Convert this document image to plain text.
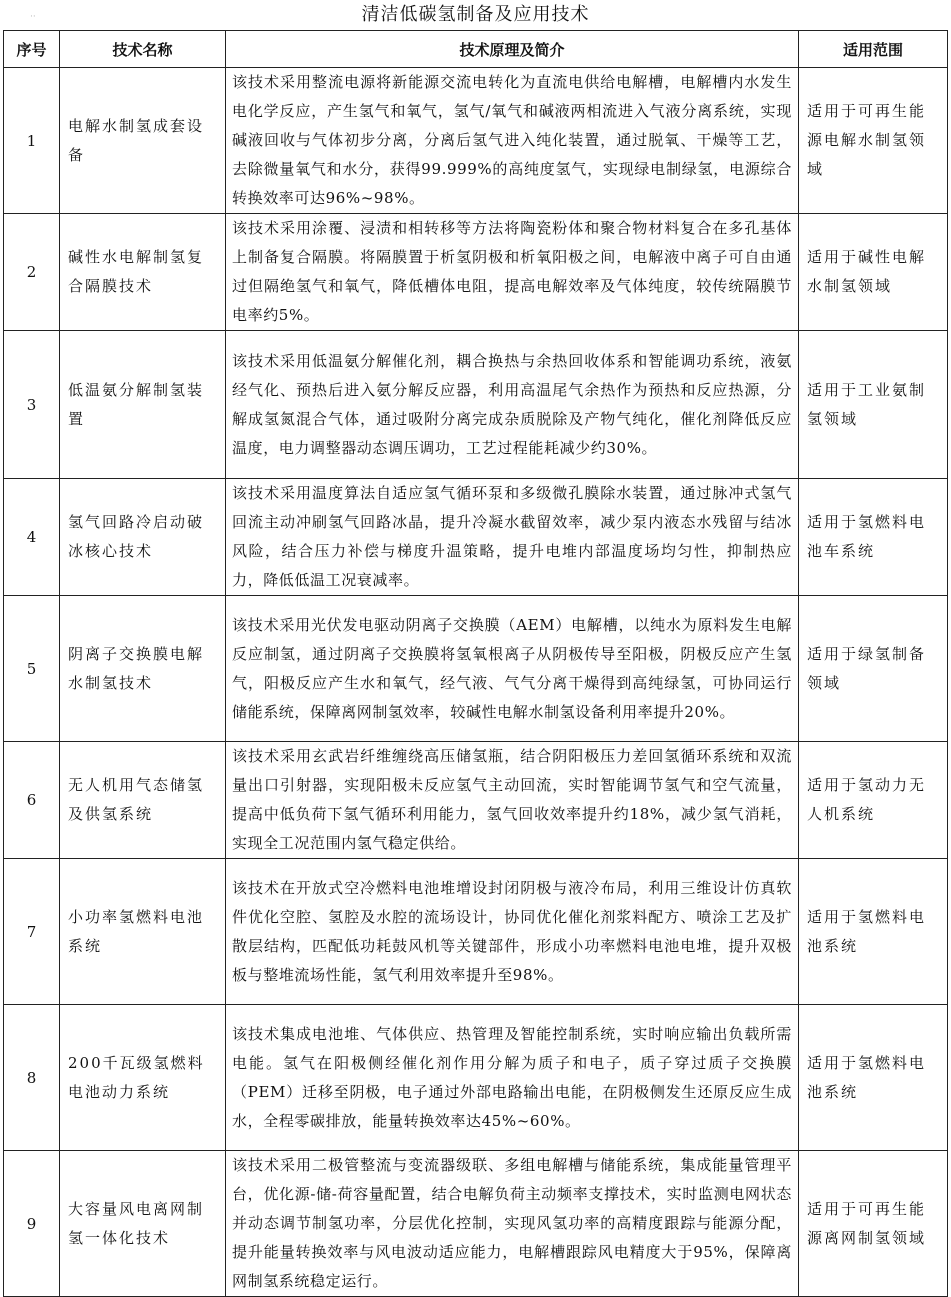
··	清洁低碳氢制备及应用技术
序号	技术名称	技术原理及简介	适用范围
1	电解水制氢成套设备	该技术采用整流电源将新能源交流电转化为直流电供给电解槽，电解槽内水发生电化学反应，产生氢气和氧气，氢气/氧气和碱液两相流进入气液分离系统，实现碱液回收与气体初步分离，分离后氢气进入纯化装置，通过脱氧、干燥等工艺，去除微量氧气和水分，获得99.999%的高纯度氢气，实现绿电制绿氢，电源综合转换效率可达96%~98%。	适用于可再生能源电解水制氢领域
2	碱性水电解制氢复合隔膜技术	该技术采用涂覆、浸渍和相转移等方法将陶瓷粉体和聚合物材料复合在多孔基体上制备复合隔膜。将隔膜置于析氢阴极和析氧阳极之间，电解液中离子可自由通过但隔绝氢气和氧气，降低槽体电阻，提高电解效率及气体纯度，较传统隔膜节电率约5%。	适用于碱性电解水制氢领域
3	低温氨分解制氢装置	该技术采用低温氨分解催化剂，耦合换热与余热回收体系和智能调功系统，液氨经气化、预热后进入氨分解反应器，利用高温尾气余热作为预热和反应热源，分解成氢氮混合气体，通过吸附分离完成杂质脱除及产物气纯化，催化剂降低反应温度，电力调整器动态调压调功，工艺过程能耗减少约30%。	适用于工业氨制氢领域
4	氢气回路冷启动破冰核心技术	该技术采用温度算法自适应氢气循环泵和多级微孔膜除水装置，通过脉冲式氢气回流主动冲刷氢气回路冰晶，提升冷凝水截留效率，减少泵内液态水残留与结冰风险，结合压力补偿与梯度升温策略，提升电堆内部温度场均匀性，抑制热应力，降低低温工况衰减率。	适用于氢燃料电池车系统
5	阴离子交换膜电解水制氢技术	该技术采用光伏发电驱动阴离子交换膜（AEM）电解槽，以纯水为原料发生电解反应制氢，通过阴离子交换膜将氢氧根离子从阴极传导至阳极，阴极反应产生氢气，阳极反应产生水和氧气，经气液、气气分离干燥得到高纯绿氢，可协同运行储能系统，保障离网制氢效率，较碱性电解水制氢设备利用率提升20%。	适用于绿氢制备领域
6	无人机用气态储氢及供氢系统	该技术采用玄武岩纤维缠绕高压储氢瓶，结合阴阳极压力差回氢循环系统和双流量出口引射器，实现阳极未反应氢气主动回流，实时智能调节氢气和空气流量，提高中低负荷下氢气循环利用能力，氢气回收效率提升约18%，减少氢气消耗，实现全工况范围内氢气稳定供给。	适用于氢动力无人机系统
7	小功率氢燃料电池系统	该技术在开放式空冷燃料电池堆增设封闭阴极与液冷布局，利用三维设计仿真软件优化空腔、氢腔及水腔的流场设计，协同优化催化剂浆料配方、喷涂工艺及扩散层结构，匹配低功耗鼓风机等关键部件，形成小功率燃料电池电堆，提升双极板与整堆流场性能，氢气利用效率提升至98%。	适用于氢燃料电池系统
8	200千瓦级氢燃料电池动力系统	该技术集成电池堆、气体供应、热管理及智能控制系统，实时响应输出负载所需电能。氢气在阳极侧经催化剂作用分解为质子和电子，质子穿过质子交换膜（PEM）迁移至阴极，电子通过外部电路输出电能，在阴极侧发生还原反应生成水，全程零碳排放，能量转换效率达45%~60%。	适用于氢燃料电池系统
9	大容量风电离网制氢一体化技术	该技术采用二极管整流与变流器级联、多组电解槽与储能系统，集成能量管理平台，优化源-储-荷容量配置，结合电解负荷主动频率支撑技术，实时监测电网状态并动态调节制氢功率，分层优化控制，实现风氢功率的高精度跟踪与能源分配，提升能量转换效率与风电波动适应能力，电解槽跟踪风电精度大于95%，保障离网制氢系统稳定运行。	适用于可再生能源离网制氢领域
